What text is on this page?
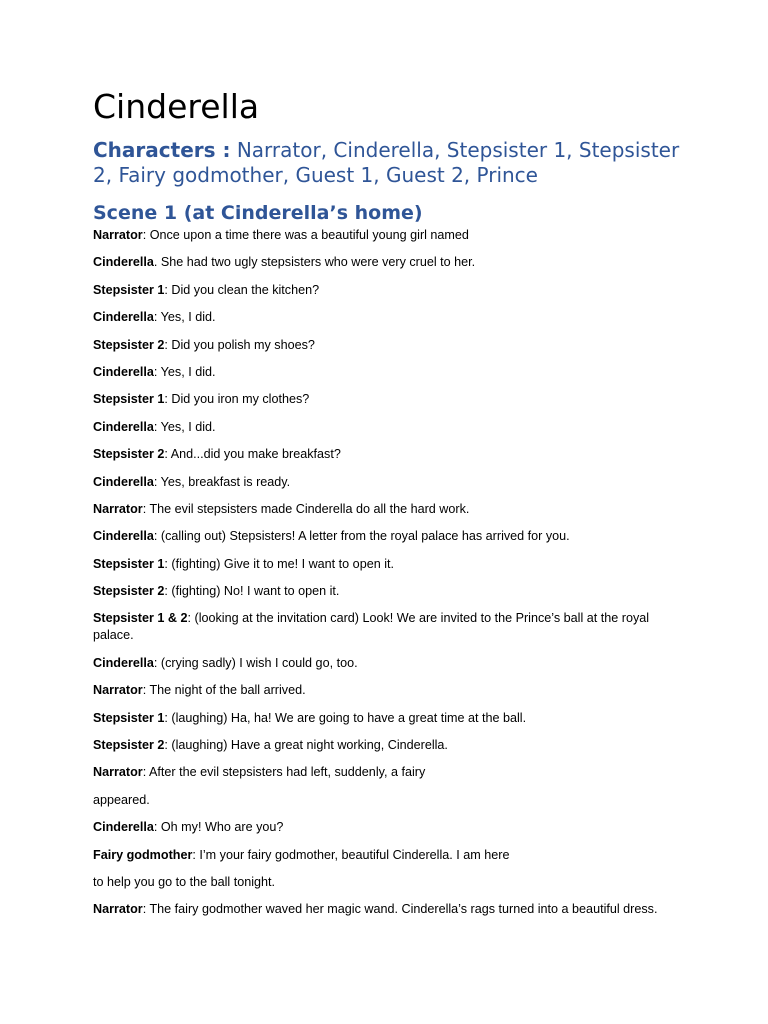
Cinderella

Characters : Narrator, Cinderella, Stepsister 1, Stepsister 2, Fairy godmother, Guest 1, Guest 2, Prince

Scene 1 (at Cinderella’s home)

Narrator: Once upon a time there was a beautiful young girl named

Cinderella. She had two ugly stepsisters who were very cruel to her.

Stepsister 1: Did you clean the kitchen?

Cinderella: Yes, I did.

Stepsister 2: Did you polish my shoes?

Cinderella: Yes, I did.

Stepsister 1: Did you iron my clothes?

Cinderella: Yes, I did.

Stepsister 2: And...did you make breakfast?

Cinderella: Yes, breakfast is ready.

Narrator: The evil stepsisters made Cinderella do all the hard work.

Cinderella: (calling out) Stepsisters! A letter from the royal palace has arrived for you.

Stepsister 1: (fighting) Give it to me! I want to open it.

Stepsister 2: (fighting) No! I want to open it.

Stepsister 1 & 2: (looking at the invitation card) Look! We are invited to the Prince’s ball at the royal palace.

Cinderella: (crying sadly) I wish I could go, too.

Narrator: The night of the ball arrived.

Stepsister 1: (laughing) Ha, ha! We are going to have a great time at the ball.

Stepsister 2: (laughing) Have a great night working, Cinderella.

Narrator: After the evil stepsisters had left, suddenly, a fairy

appeared.

Cinderella: Oh my! Who are you?

Fairy godmother: I’m your fairy godmother, beautiful Cinderella. I am here

to help you go to the ball tonight.

Narrator: The fairy godmother waved her magic wand. Cinderella’s rags turned into a beautiful dress.
